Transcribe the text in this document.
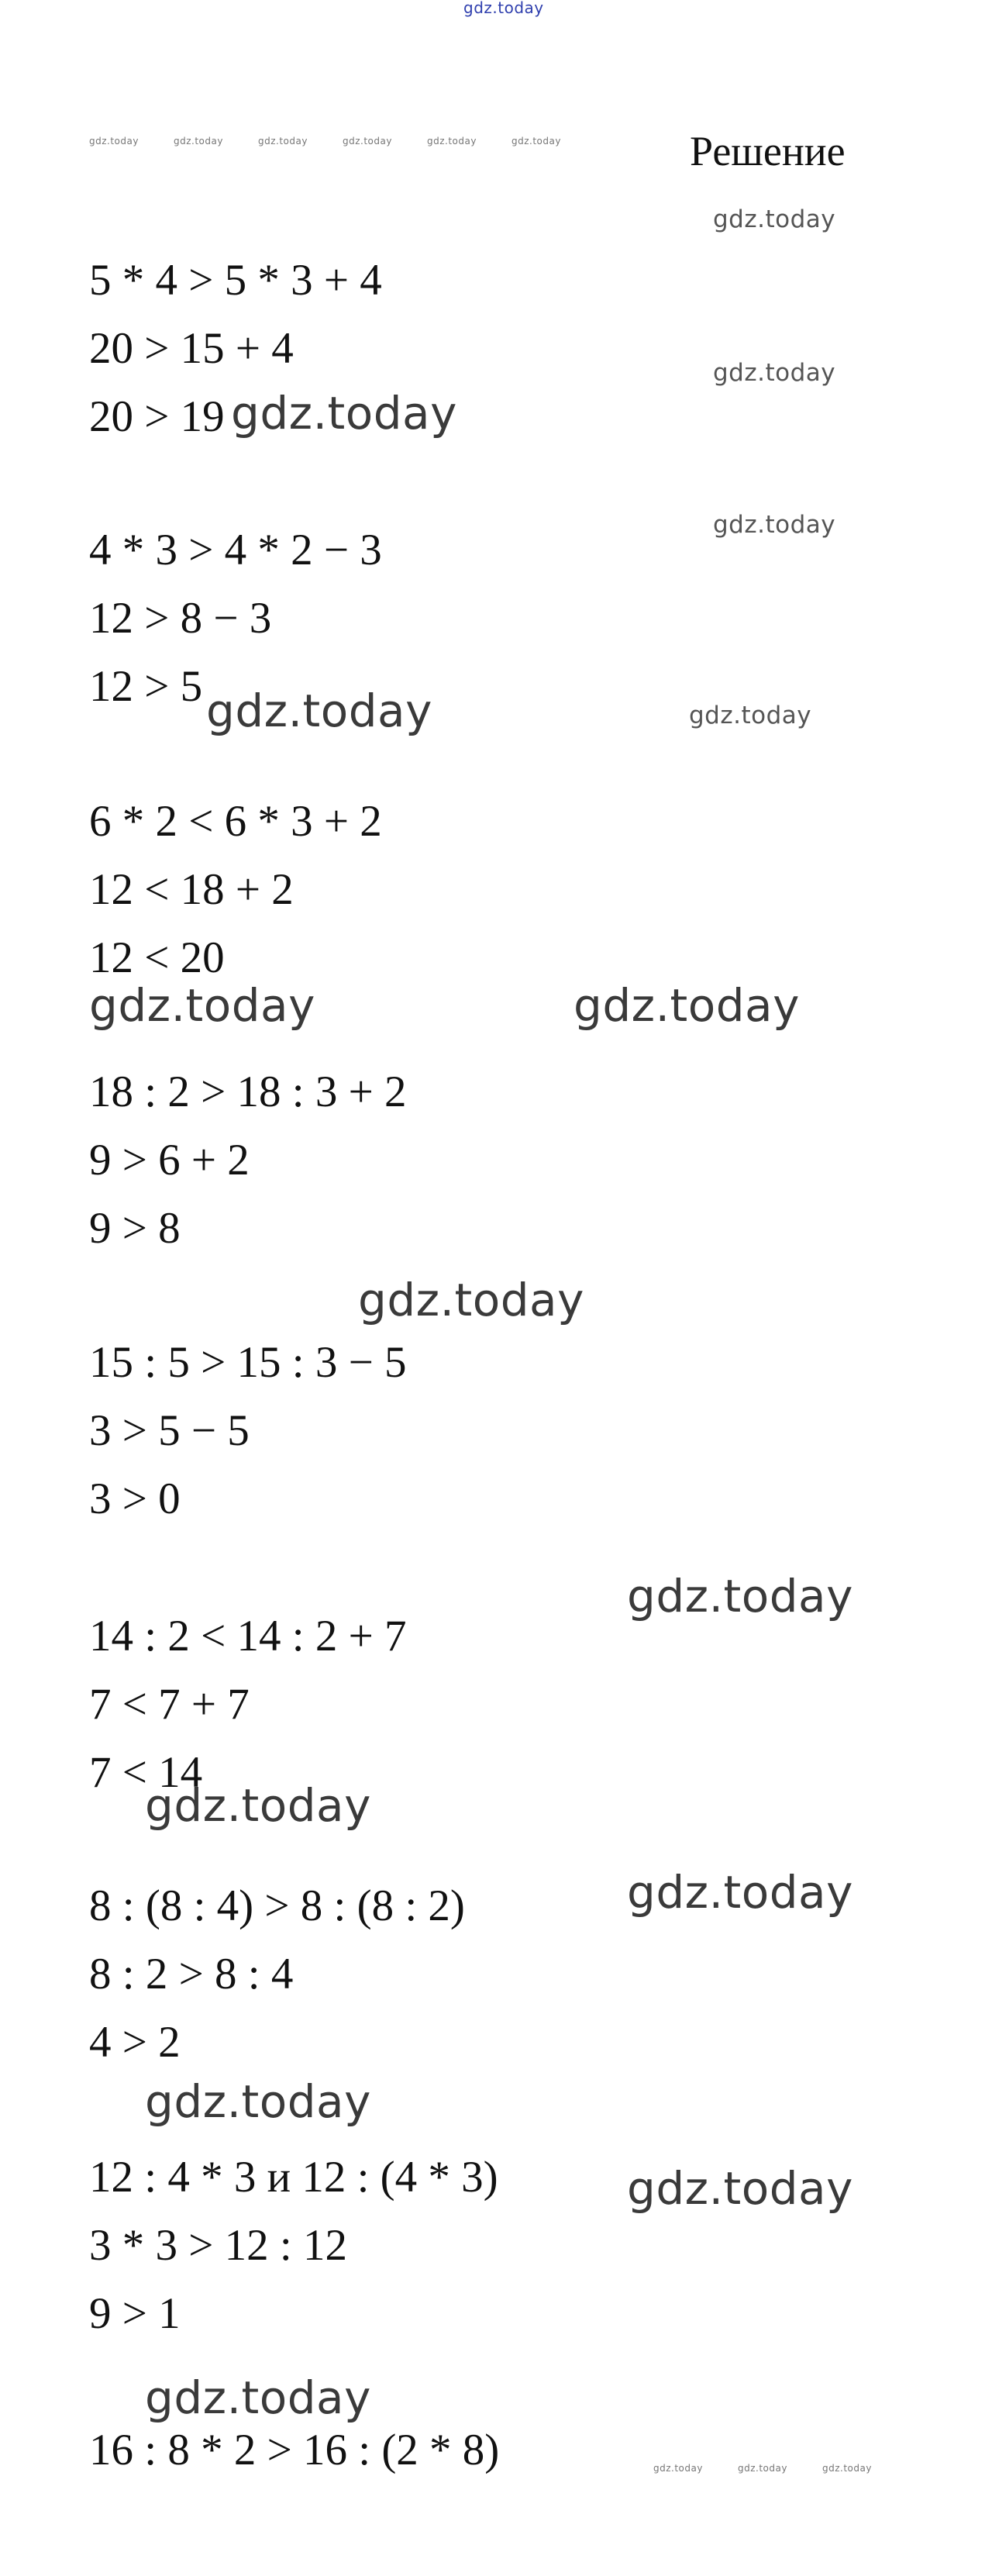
gdz.today
gdz.today	gdz.today	gdz.today	gdz.today	gdz.today	gdz.today	Решение
gdz.today
gdz.today
gdz.today
gdz.today
5 * 4 > 5 * 3 + 4
20 > 15 + 4
20 > 19 gdz.today
4 * 3 > 4 * 2 − 3
12 > 8 − 3
12 > 5 gdz.today
6 * 2 < 6 * 3 + 2
12 < 18 + 2
12 < 20
gdz.today	gdz.today
18 : 2 > 18 : 3 + 2
9 > 6 + 2
9 > 8
gdz.today
15 : 5 > 15 : 3 − 5
3 > 5 − 5
3 > 0
gdz.today
14 : 2 < 14 : 2 + 7
7 < 7 + 7
7 < 14
gdz.today
8 : (8 : 4) > 8 : (8 : 2)	gdz.today
8 : 2 > 8 : 4
4 > 2
gdz.today
12 : 4 * 3 и 12 : (4 * 3)	gdz.today
3 * 3 > 12 : 12
9 > 1
gdz.today
16 : 8 * 2 > 16 : (2 * 8)	gdz.today	gdz.today	gdz.today
